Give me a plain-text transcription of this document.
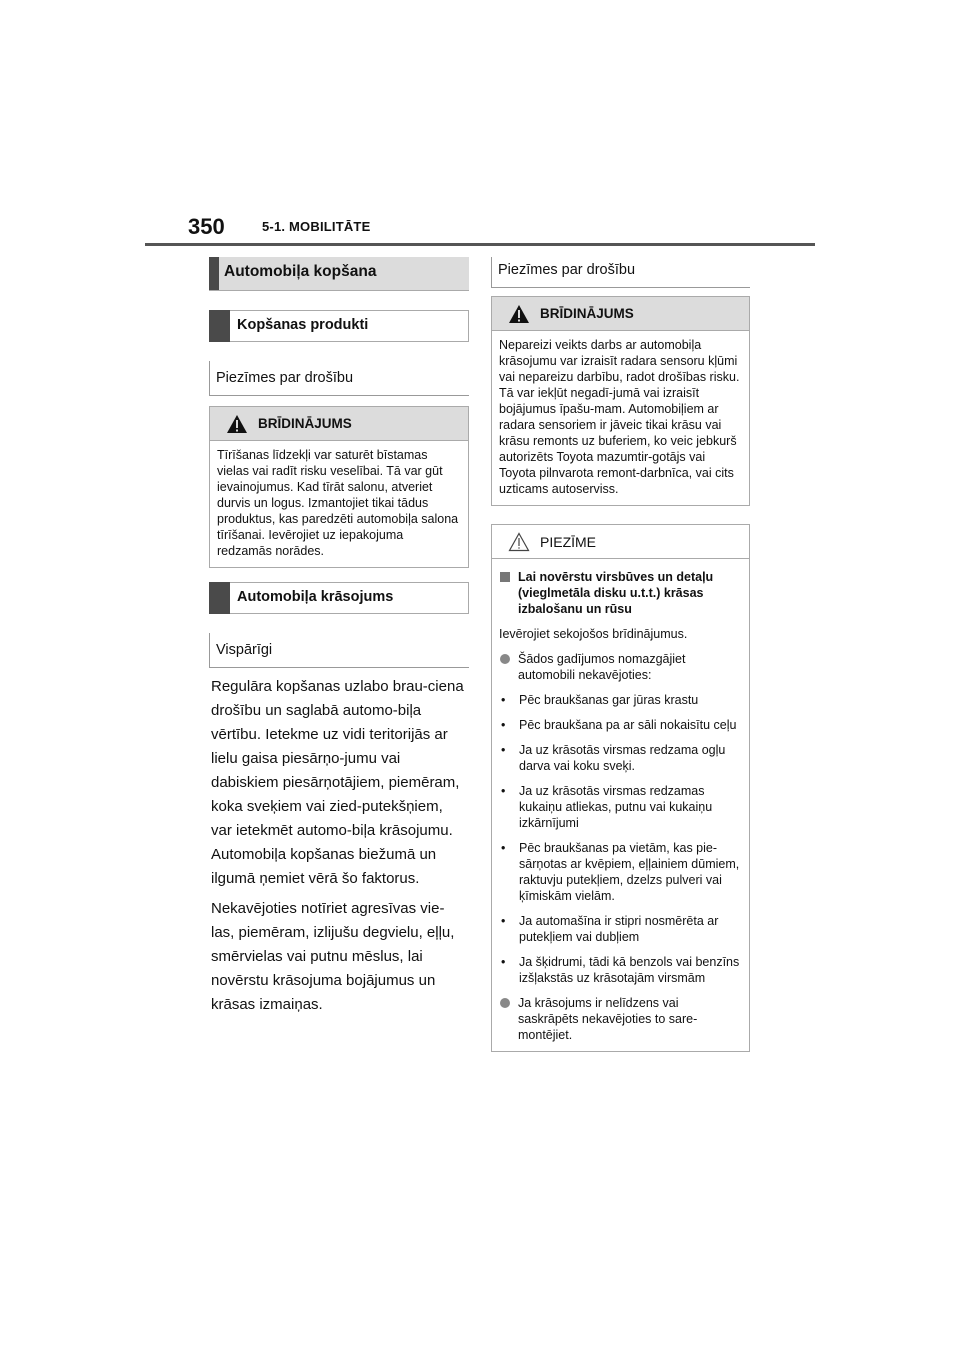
350	5-1. MOBILITĀTE
Automobiļa kopšana
Kopšanas produkti
Piezīmes par drošību
BRĪDINĀJUMS
Tīrīšanas līdzekļi var saturēt bīstamas vielas vai radīt risku veselībai. Tā var gūt ievainojumus. Kad tīrāt salonu, atveriet durvis un logus. Izmantojiet tikai tādus produktus, kas paredzēti automobiļa salona tīrīšanai. Ievērojiet uz iepakojuma redzamās norādes.
Automobiļa krāsojums
Vispārīgi
Regulāra kopšanas uzlabo brau-ciena drošību un saglabā automo-biļa vērtību. Ietekme uz vidi teritorijās ar lielu gaisa piesārņo-jumu vai dabiskiem piesārņotājiem, piemēram, koka sveķiem vai zied-putekšņiem, var ietekmēt automo-biļa krāsojumu. Automobiļa kopšanas biežumā un ilgumā ņemiet vērā šo faktorus.
Nekavējoties notīriet agresīvas vie-las, piemēram, izlijušu degvielu, eļļu, smērvielas vai putnu mēslus, lai novērstu krāsojuma bojājumus un krāsas izmaiņas.
Piezīmes par drošību
BRĪDINĀJUMS
Nepareizi veikts darbs ar automobiļa krāsojumu var izraisīt radara sensoru kļūmi vai nepareizu darbību, radot drošības risku. Tā var iekļūt negadī-jumā vai izraisīt bojājumus īpašu-mam. Automobiļiem ar radara sensoriem ir jāveic tikai krāsu vai krāsu remonts uz buferiem, ko veic jebkurš autorizēts Toyota mazumtir-gotājs vai Toyota pilnvarota remont-darbnīca, vai cits uzticams autoserviss.
PIEZĪME
Lai novērstu virsbūves un detaļu (vieglmetāla disku u.t.t.) krāsas izbalošanu un rūsu
Ievērojiet sekojošos brīdinājumus.
Šādos gadījumos nomazgājiet automobili nekavējoties:
•	Pēc braukšanas gar jūras krastu
•	Pēc braukšana pa ar sāli nokaisītu ceļu
•	Ja uz krāsotās virsmas redzama ogļu darva vai koku sveķi.
•	Ja uz krāsotās virsmas redzamas kukaiņu atliekas, putnu vai kukaiņu izkārnījumi
•	Pēc braukšanas pa vietām, kas pie-sārņotas ar kvēpiem, eļļainiem dūmiem, raktuvju putekļiem, dzelzs pulveri vai ķīmiskām vielām.
•	Ja automašīna ir stipri nosmērēta ar putekļiem vai dubļiem
•	Ja šķidrumi, tādi kā benzols vai benzīns izšļakstās uz krāsotajām virsmām
Ja krāsojums ir nelīdzens vai saskrāpēts nekavējoties to sare-montējiet.
